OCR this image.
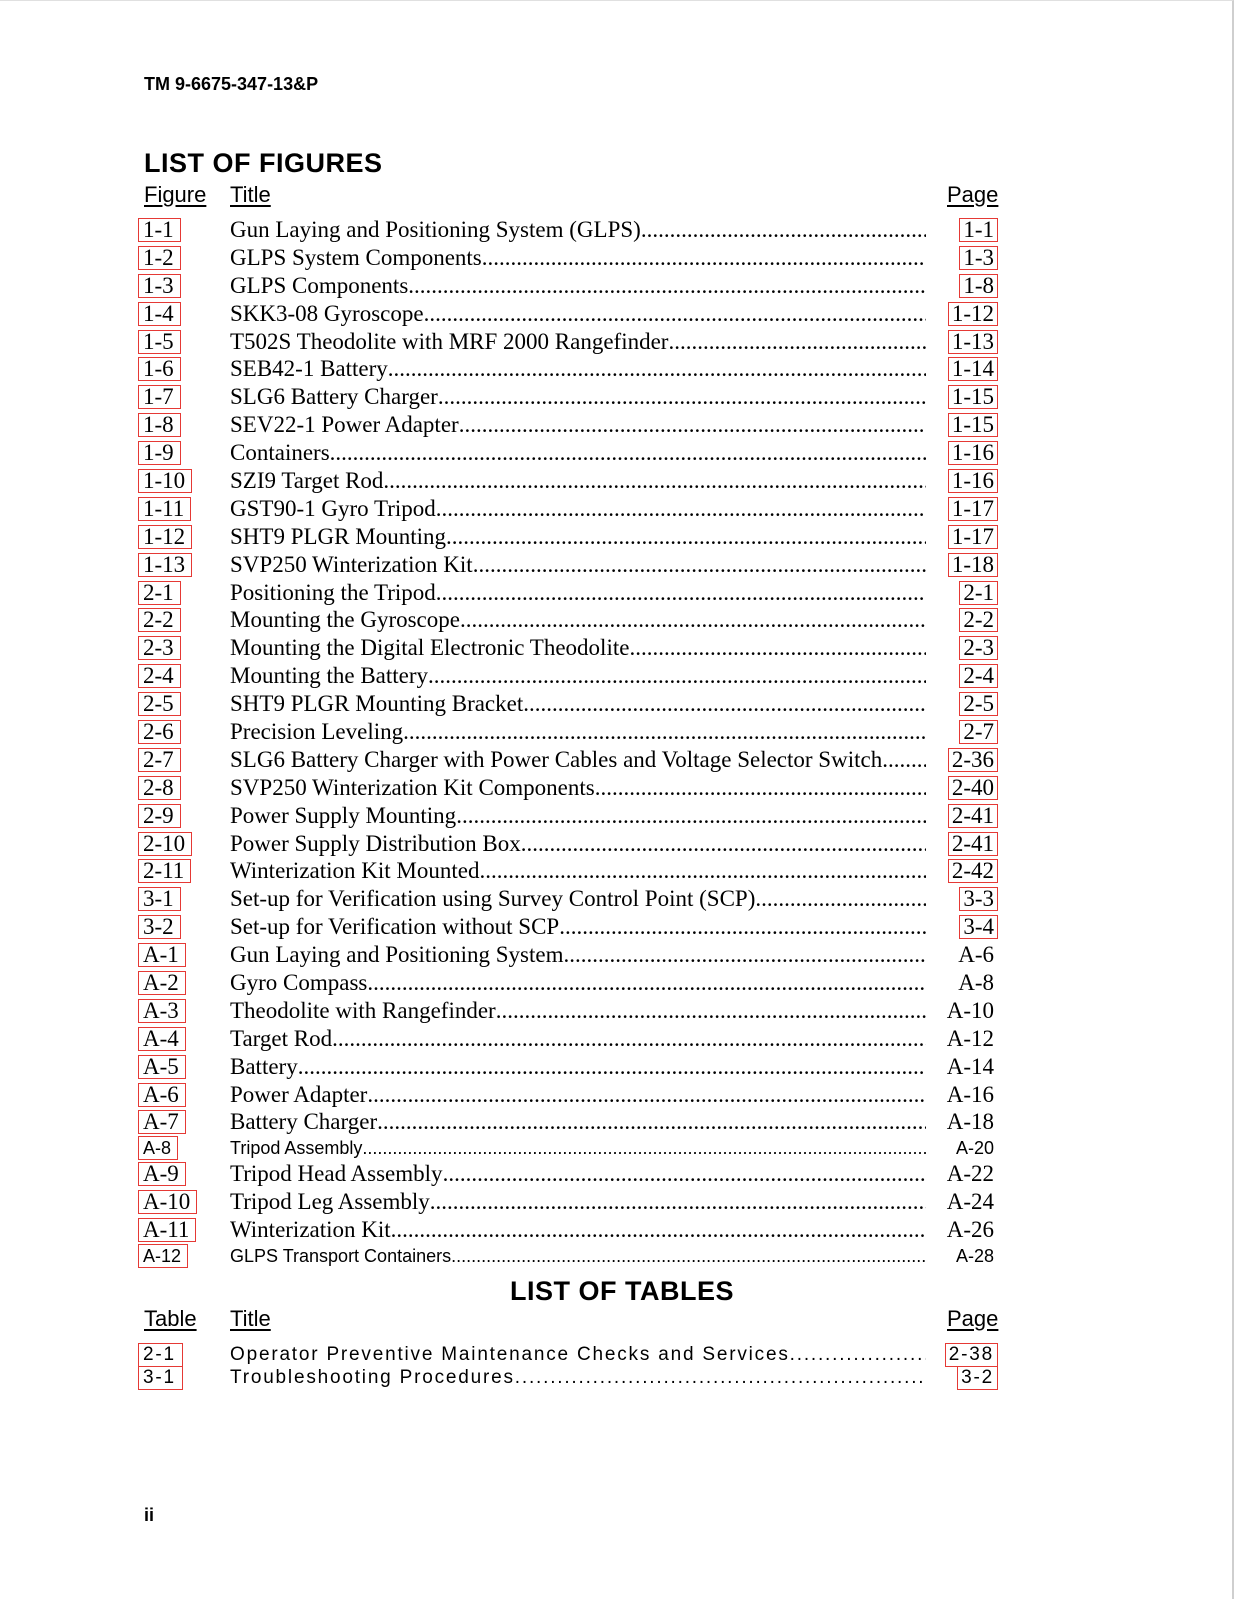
TM 9-6675-347-13&P
LIST OF FIGURES
Figure Title	Page
1-1	Gun Laying and Positioning System (GLPS) .....	1-1
1-2	GLPS System Components .....	1-3
1-3	GLPS Components .....	1-8
1-4	SKK3-08 Gyroscope .....	1-12
1-5	T502S Theodolite with MRF 2000 Rangefinder .....	1-13
1-6	SEB42-1 Battery .....	1-14
1-7	SLG6 Battery Charger .....	1-15
1-8	SEV22-1 Power Adapter .....	1-15
1-9	Containers .....	1-16
1-10	SZI9 Target Rod .....	1-16
1-11	GST90-1 Gyro Tripod .....	1-17
1-12	SHT9 PLGR Mounting .....	1-17
1-13	SVP250 Winterization Kit .....	1-18
2-1	Positioning the Tripod .....	2-1
2-2	Mounting the Gyroscope .....	2-2
2-3	Mounting the Digital Electronic Theodolite .....	2-3
2-4	Mounting the Battery .....	2-4
2-5	SHT9 PLGR Mounting Bracket .....	2-5
2-6	Precision Leveling .....	2-7
2-7	SLG6 Battery Charger with Power Cables and Voltage Selector Switch .....	2-36
2-8	SVP250 Winterization Kit Components .....	2-40
2-9	Power Supply Mounting .....	2-41
2-10	Power Supply Distribution Box .....	2-41
2-11	Winterization Kit Mounted .....	2-42
3-1	Set-up for Verification using Survey Control Point (SCP) .....	3-3
3-2	Set-up for Verification without SCP .....	3-4
A-1	Gun Laying and Positioning System .....	A-6
A-2	Gyro Compass .....	A-8
A-3	Theodolite with Rangefinder .....	A-10
A-4	Target Rod .....	A-12
A-5	Battery .....	A-14
A-6	Power Adapter .....	A-16
A-7	Battery Charger .....	A-18
A-8	Tripod Assembly .....	A-20
A-9	Tripod Head Assembly .....	A-22
A-10	Tripod Leg Assembly .....	A-24
A-11	Winterization Kit .....	A-26
A-12	GLPS Transport Containers .....	A-28
LIST OF TABLES
Table Title	Page
2-1	Operator Preventive Maintenance Checks and Services .....	2-38
3-1	Troubleshooting Procedures .....	3-2
ii
